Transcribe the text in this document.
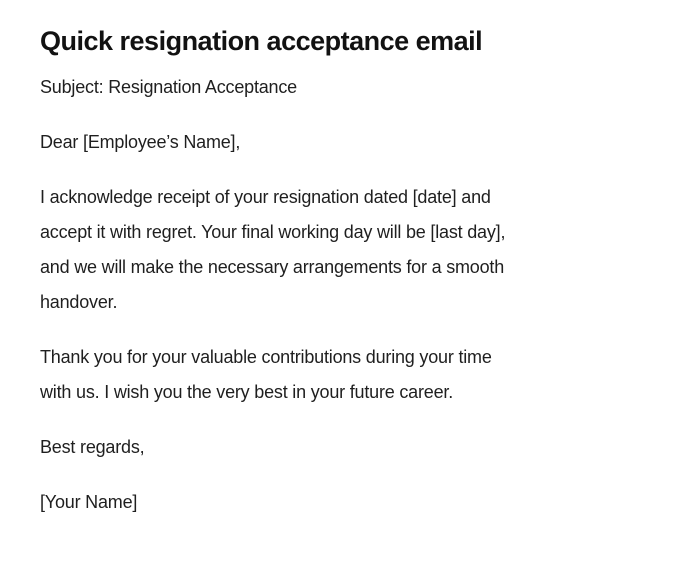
Quick resignation acceptance email
Subject: Resignation Acceptance
Dear [Employee’s Name],
I acknowledge receipt of your resignation dated [date] and
accept it with regret. Your final working day will be [last day],
and we will make the necessary arrangements for a smooth
handover.
Thank you for your valuable contributions during your time
with us. I wish you the very best in your future career.
Best regards,
[Your Name]
